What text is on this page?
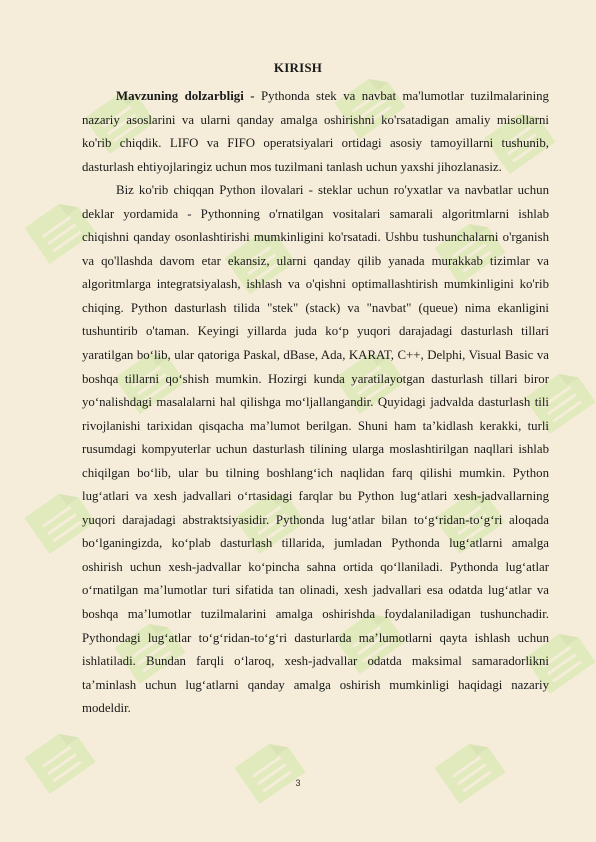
KIRISH

Mavzuning dolzarbligi - Pythonda stek va navbat ma'lumotlar tuzilmalarining nazariy asoslarini va ularni qanday amalga oshirishni ko'rsatadigan amaliy misollarni ko'rib chiqdik. LIFO va FIFO operatsiyalari ortidagi asosiy tamoyillarni tushunib, dasturlash ehtiyojlaringiz uchun mos tuzilmani tanlash uchun yaxshi jihozlanasiz.

Biz ko'rib chiqqan Python ilovalari - steklar uchun ro'yxatlar va navbatlar uchun deklar yordamida - Pythonning o'rnatilgan vositalari samarali algoritmlarni ishlab chiqishni qanday osonlashtirishi mumkinligini ko'rsatadi. Ushbu tushunchalarni o'rganish va qo'llashda davom etar ekansiz, ularni qanday qilib yanada murakkab tizimlar va algoritmlarga integratsiyalash, ishlash va o'qishni optimallashtirish mumkinligini ko'rib chiqing. Python dasturlash tilida "stek" (stack) va "navbat" (queue) nima ekanligini tushuntirib o'taman. Keyingi yillarda juda ko‘p yuqori darajadagi dasturlash tillari yaratilgan bo‘lib, ular qatoriga Paskal, dBase, Ada, KARAT, C++, Delphi, Visual Basic va boshqa tillarni qo‘shish mumkin. Hozirgi kunda yaratilayotgan dasturlash tillari biror yo‘nalishdagi masalalarni hal qilishga mo‘ljallangandir. Quyidagi jadvalda dasturlash tili rivojlanishi tarixidan qisqacha ma’lumot berilgan. Shuni ham ta’kidlash kerakki, turli rusumdagi kompyuterlar uchun dasturlash tilining ularga moslashtirilgan naqllari ishlab chiqilgan bo‘lib, ular bu tilning boshlang‘ich naqlidan farq qilishi mumkin. Python lug‘atlari va xesh jadvallari o‘rtasidagi farqlar bu Python lug‘atlari xesh-jadvallarning yuqori darajadagi abstraktsiyasidir. Pythonda lug‘atlar bilan to‘g‘ridan-to‘g‘ri aloqada bo‘lganingizda, ko‘plab dasturlash tillarida, jumladan Pythonda lug‘atlarni amalga oshirish uchun xesh-jadvallar ko‘pincha sahna ortida qo‘llaniladi. Pythonda lug‘atlar o‘rnatilgan ma’lumotlar turi sifatida tan olinadi, xesh jadvallari esa odatda lug‘atlar va boshqa ma’lumotlar tuzilmalarini amalga oshirishda foydalaniladigan tushunchadir. Pythondagi lug‘atlar to‘g‘ridan-to‘g‘ri dasturlarda ma’lumotlarni qayta ishlash uchun ishlatiladi. Bundan farqli o‘laroq, xesh-jadvallar odatda maksimal samaradorlikni ta’minlash uchun lug‘atlarni qanday amalga oshirish mumkinligi haqidagi nazariy modeldir.

3
